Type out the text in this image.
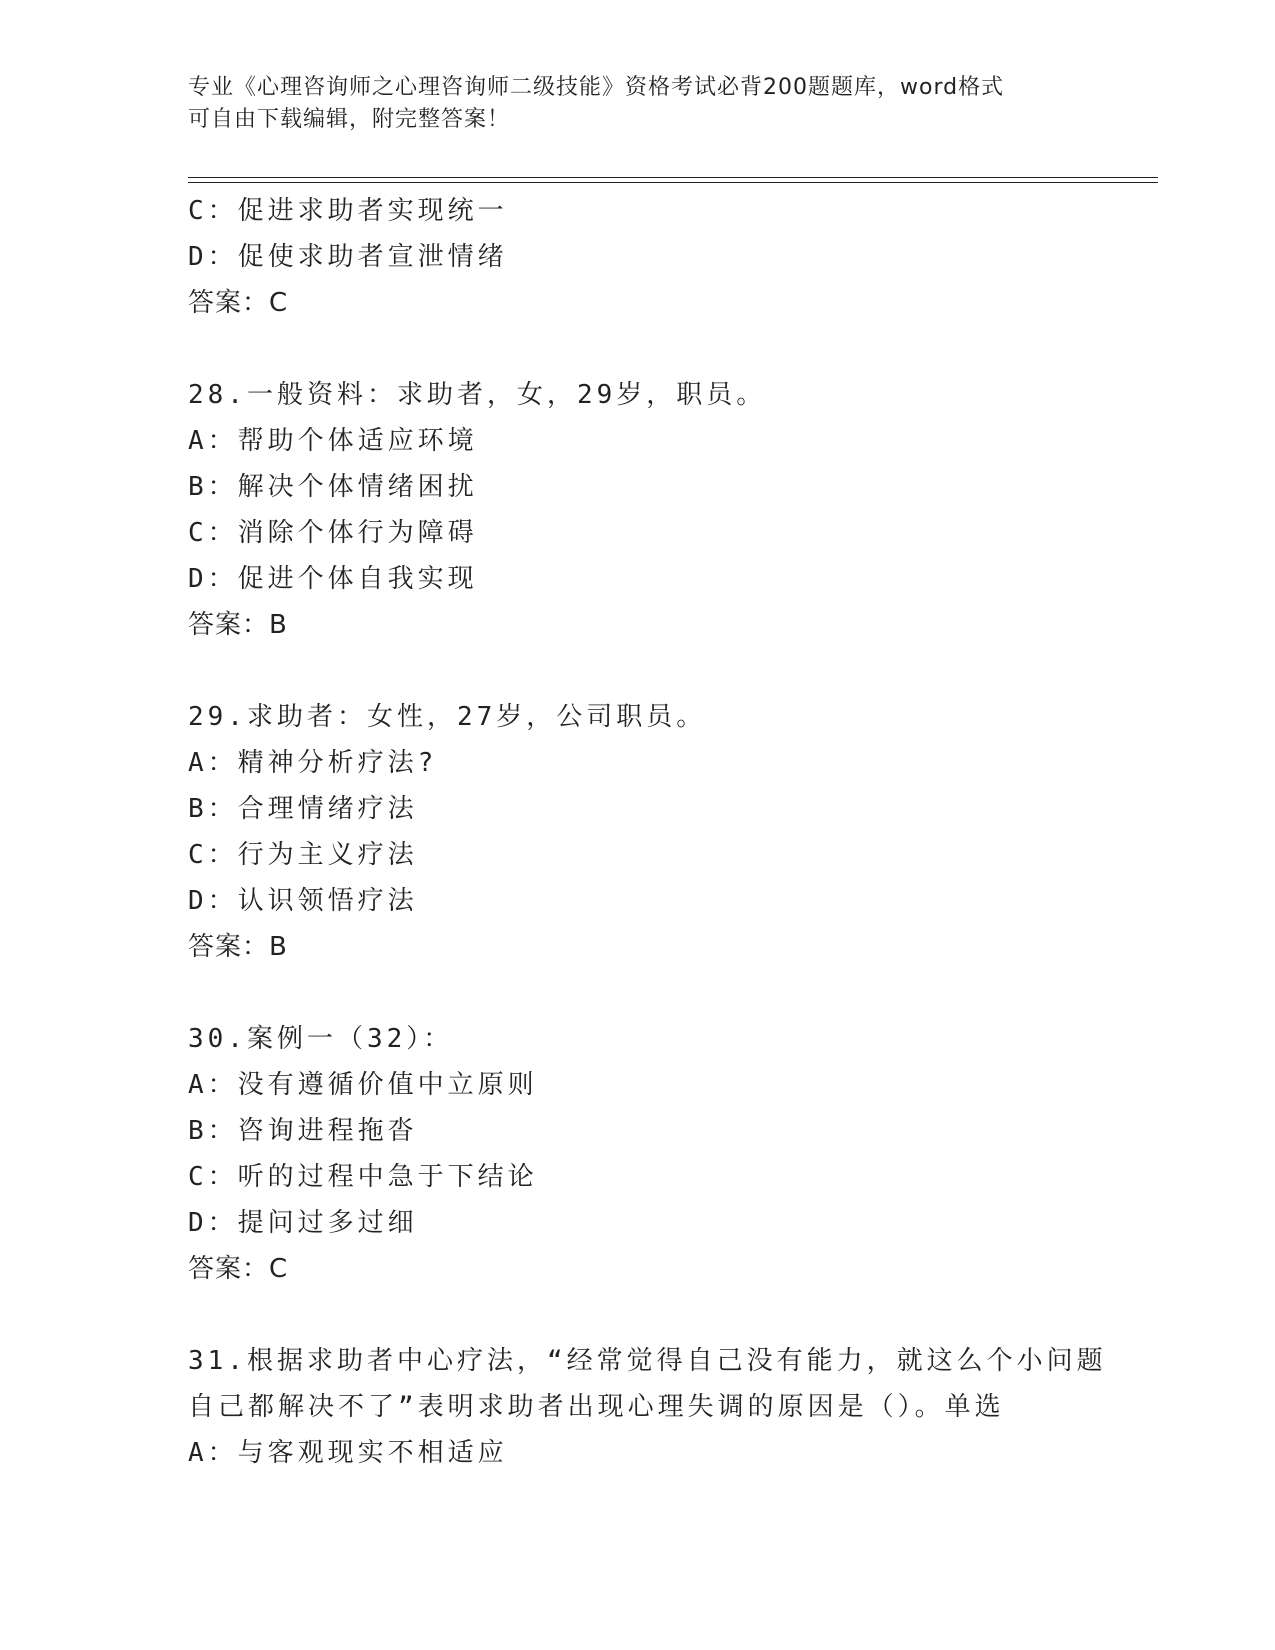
专业《心理咨询师之心理咨询师二级技能》资格考试必背200题题库，word格式
可自由下载编辑，附完整答案！
C：促进求助者实现统一
D：促使求助者宣泄情绪
答案：C
28.一般资料：求助者，女，29岁，职员。
A：帮助个体适应环境
B：解决个体情绪困扰
C：消除个体行为障碍
D：促进个体自我实现
答案：B
29.求助者：女性，27岁，公司职员。
A：精神分析疗法?
B：合理情绪疗法
C：行为主义疗法
D：认识领悟疗法
答案：B
30.案例一（32）：
A：没有遵循价值中立原则
B：咨询进程拖沓
C：听的过程中急于下结论
D：提问过多过细
答案：C
31.根据求助者中心疗法，“经常觉得自己没有能力，就这么个小问题
自己都解决不了”表明求助者出现心理失调的原因是（）。单选
A：与客观现实不相适应
